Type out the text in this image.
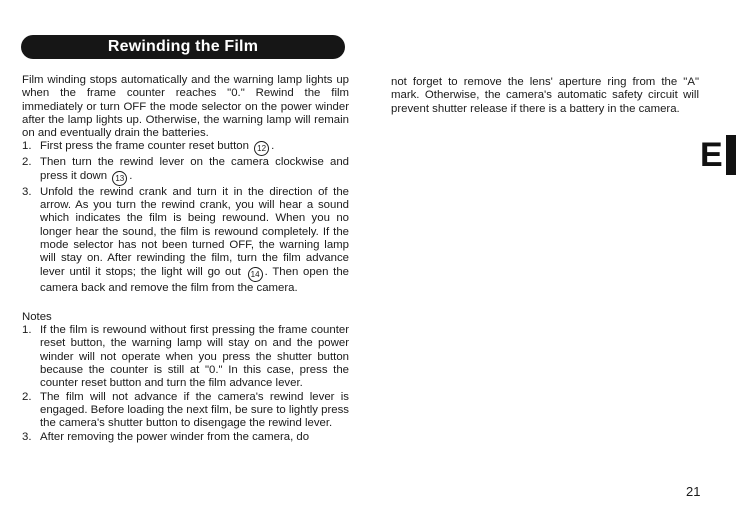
Rewinding the Film

Film winding stops automatically and the warning lamp lights up when the frame counter reaches "0." Rewind the film immediately or turn OFF the mode selector on the power winder after the lamp lights up. Otherwise, the warning lamp will remain on and eventually drain the batteries.

1. First press the frame counter reset button 12 .
2. Then turn the rewind lever on the camera clockwise and press it down 13 .
3. Unfold the rewind crank and turn it in the direction of the arrow. As you turn the rewind crank, you will hear a sound which indicates the film is being rewound. When you no longer hear the sound, the film is rewound completely. If the mode selector has not been turned OFF, the warning lamp will stay on. After rewinding the film, turn the film advance lever until it stops; the light will go out 14 . Then open the camera back and remove the film from the camera.

Notes

1. If the film is rewound without first pressing the frame counter reset button, the warning lamp will stay on and the power winder will not operate when you press the shutter button because the counter is still at "0." In this case, press the counter reset button and turn the film advance lever.
2. The film will not advance if the camera's rewind lever is engaged. Before loading the next film, be sure to lightly press the camera's shutter button to disengage the rewind lever.
3. After removing the power winder from the camera, do

not forget to remove the lens' aperture ring from the "A" mark. Otherwise, the camera's automatic safety circuit will prevent shutter release if there is a battery in the camera.

E
21
